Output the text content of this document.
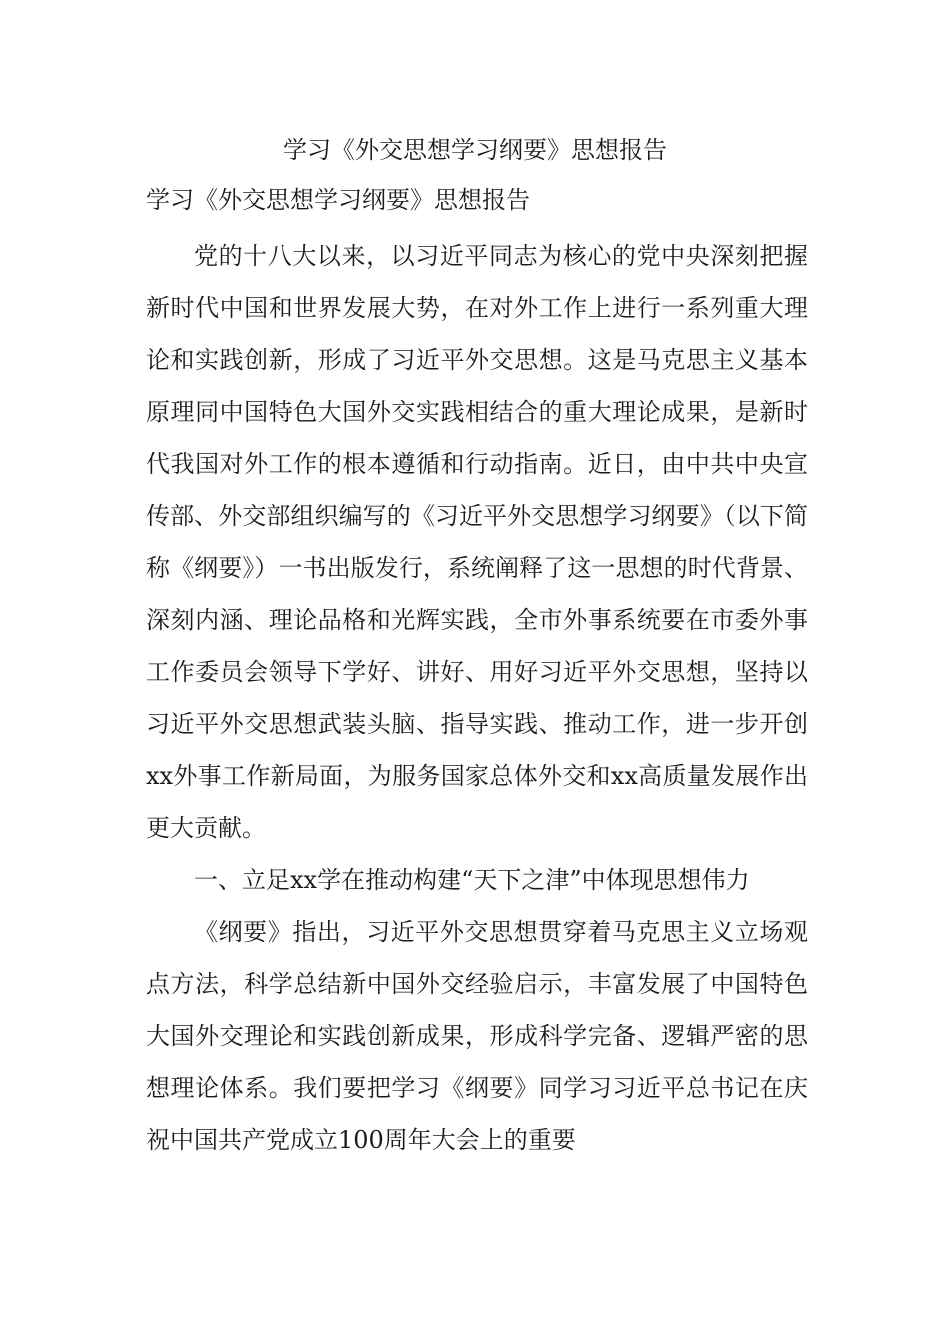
学习《外交思想学习纲要》思想报告
学习《外交思想学习纲要》思想报告

党的十八大以来，以习近平同志为核心的党中央深刻把握新时代中国和世界发展大势，在对外工作上进行一系列重大理论和实践创新，形成了习近平外交思想。这是马克思主义基本原理同中国特色大国外交实践相结合的重大理论成果，是新时代我国对外工作的根本遵循和行动指南。近日，由中共中央宣传部、外交部组织编写的《习近平外交思想学习纲要》（以下简称《纲要》）一书出版发行，系统阐释了这一思想的时代背景、深刻内涵、理论品格和光辉实践，全市外事系统要在市委外事工作委员会领导下学好、讲好、用好习近平外交思想，坚持以习近平外交思想武装头脑、指导实践、推动工作，进一步开创xx外事工作新局面，为服务国家总体外交和xx高质量发展作出更大贡献。

一、立足xx学在推动构建“天下之津”中体现思想伟力

《纲要》指出，习近平外交思想贯穿着马克思主义立场观点方法，科学总结新中国外交经验启示，丰富发展了中国特色大国外交理论和实践创新成果，形成科学完备、逻辑严密的思想理论体系。我们要把学习《纲要》同学习习近平总书记在庆祝中国共产党成立100周年大会上的重要
